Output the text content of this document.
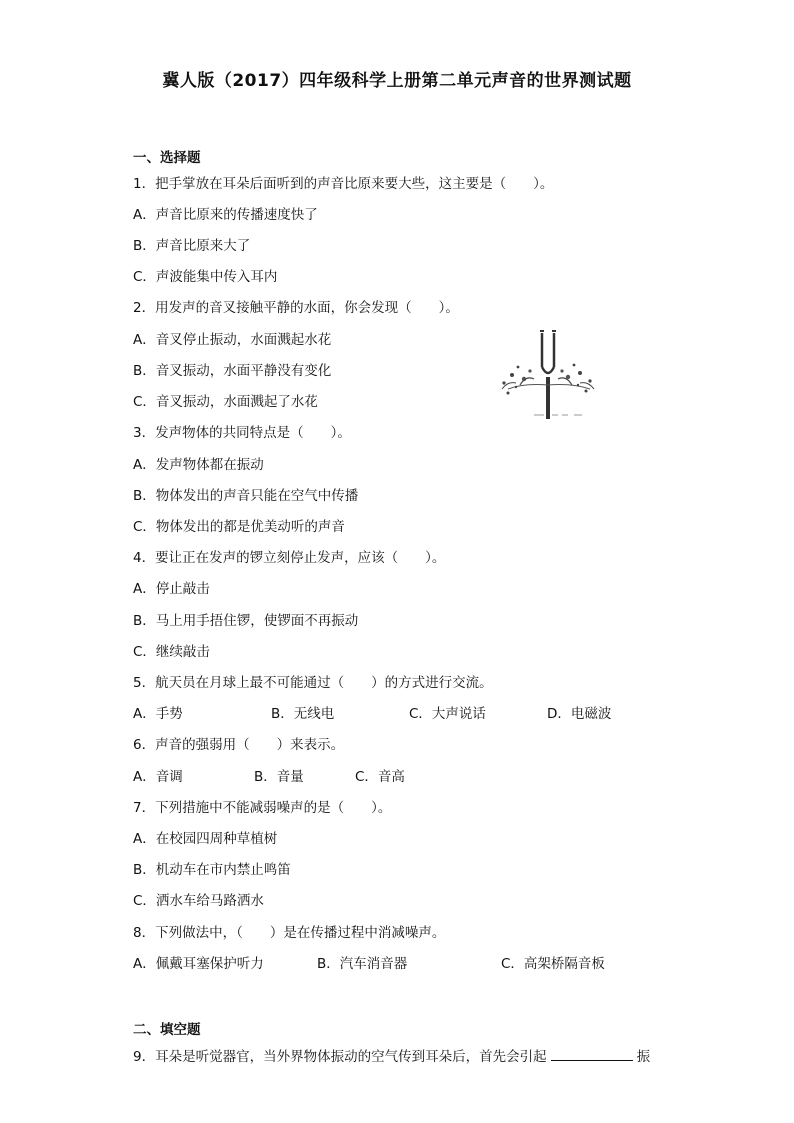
冀人版（2017）四年级科学上册第二单元声音的世界测试题
一、选择题
1．把手掌放在耳朵后面听到的声音比原来要大些，这主要是（　　）。
A．声音比原来的传播速度快了
B．声音比原来大了
C．声波能集中传入耳内
2．用发声的音叉接触平静的水面，你会发现（　　）。
A．音叉停止振动，水面溅起水花
B．音叉振动，水面平静没有变化
C．音叉振动，水面溅起了水花
3．发声物体的共同特点是（　　）。
A．发声物体都在振动
B．物体发出的声音只能在空气中传播
C．物体发出的都是优美动听的声音
4．要让正在发声的锣立刻停止发声，应该（　　）。
A．停止敲击
B．马上用手捂住锣，使锣面不再振动
C．继续敲击
5．航天员在月球上最不可能通过（　　）的方式进行交流。
A．手势	B．无线电	C．大声说话	D．电磁波
6．声音的强弱用（　　）来表示。
A．音调	B．音量	C．音高
7．下列措施中不能减弱噪声的是（　　）。
A．在校园四周种草植树
B．机动车在市内禁止鸣笛
C．洒水车给马路洒水
8．下列做法中，（　　）是在传播过程中消减噪声。
A．佩戴耳塞保护听力	B．汽车消音器	C．高架桥隔音板
二、填空题
9．耳朵是听觉器官，当外界物体振动的空气传到耳朵后，首先会引起	振
